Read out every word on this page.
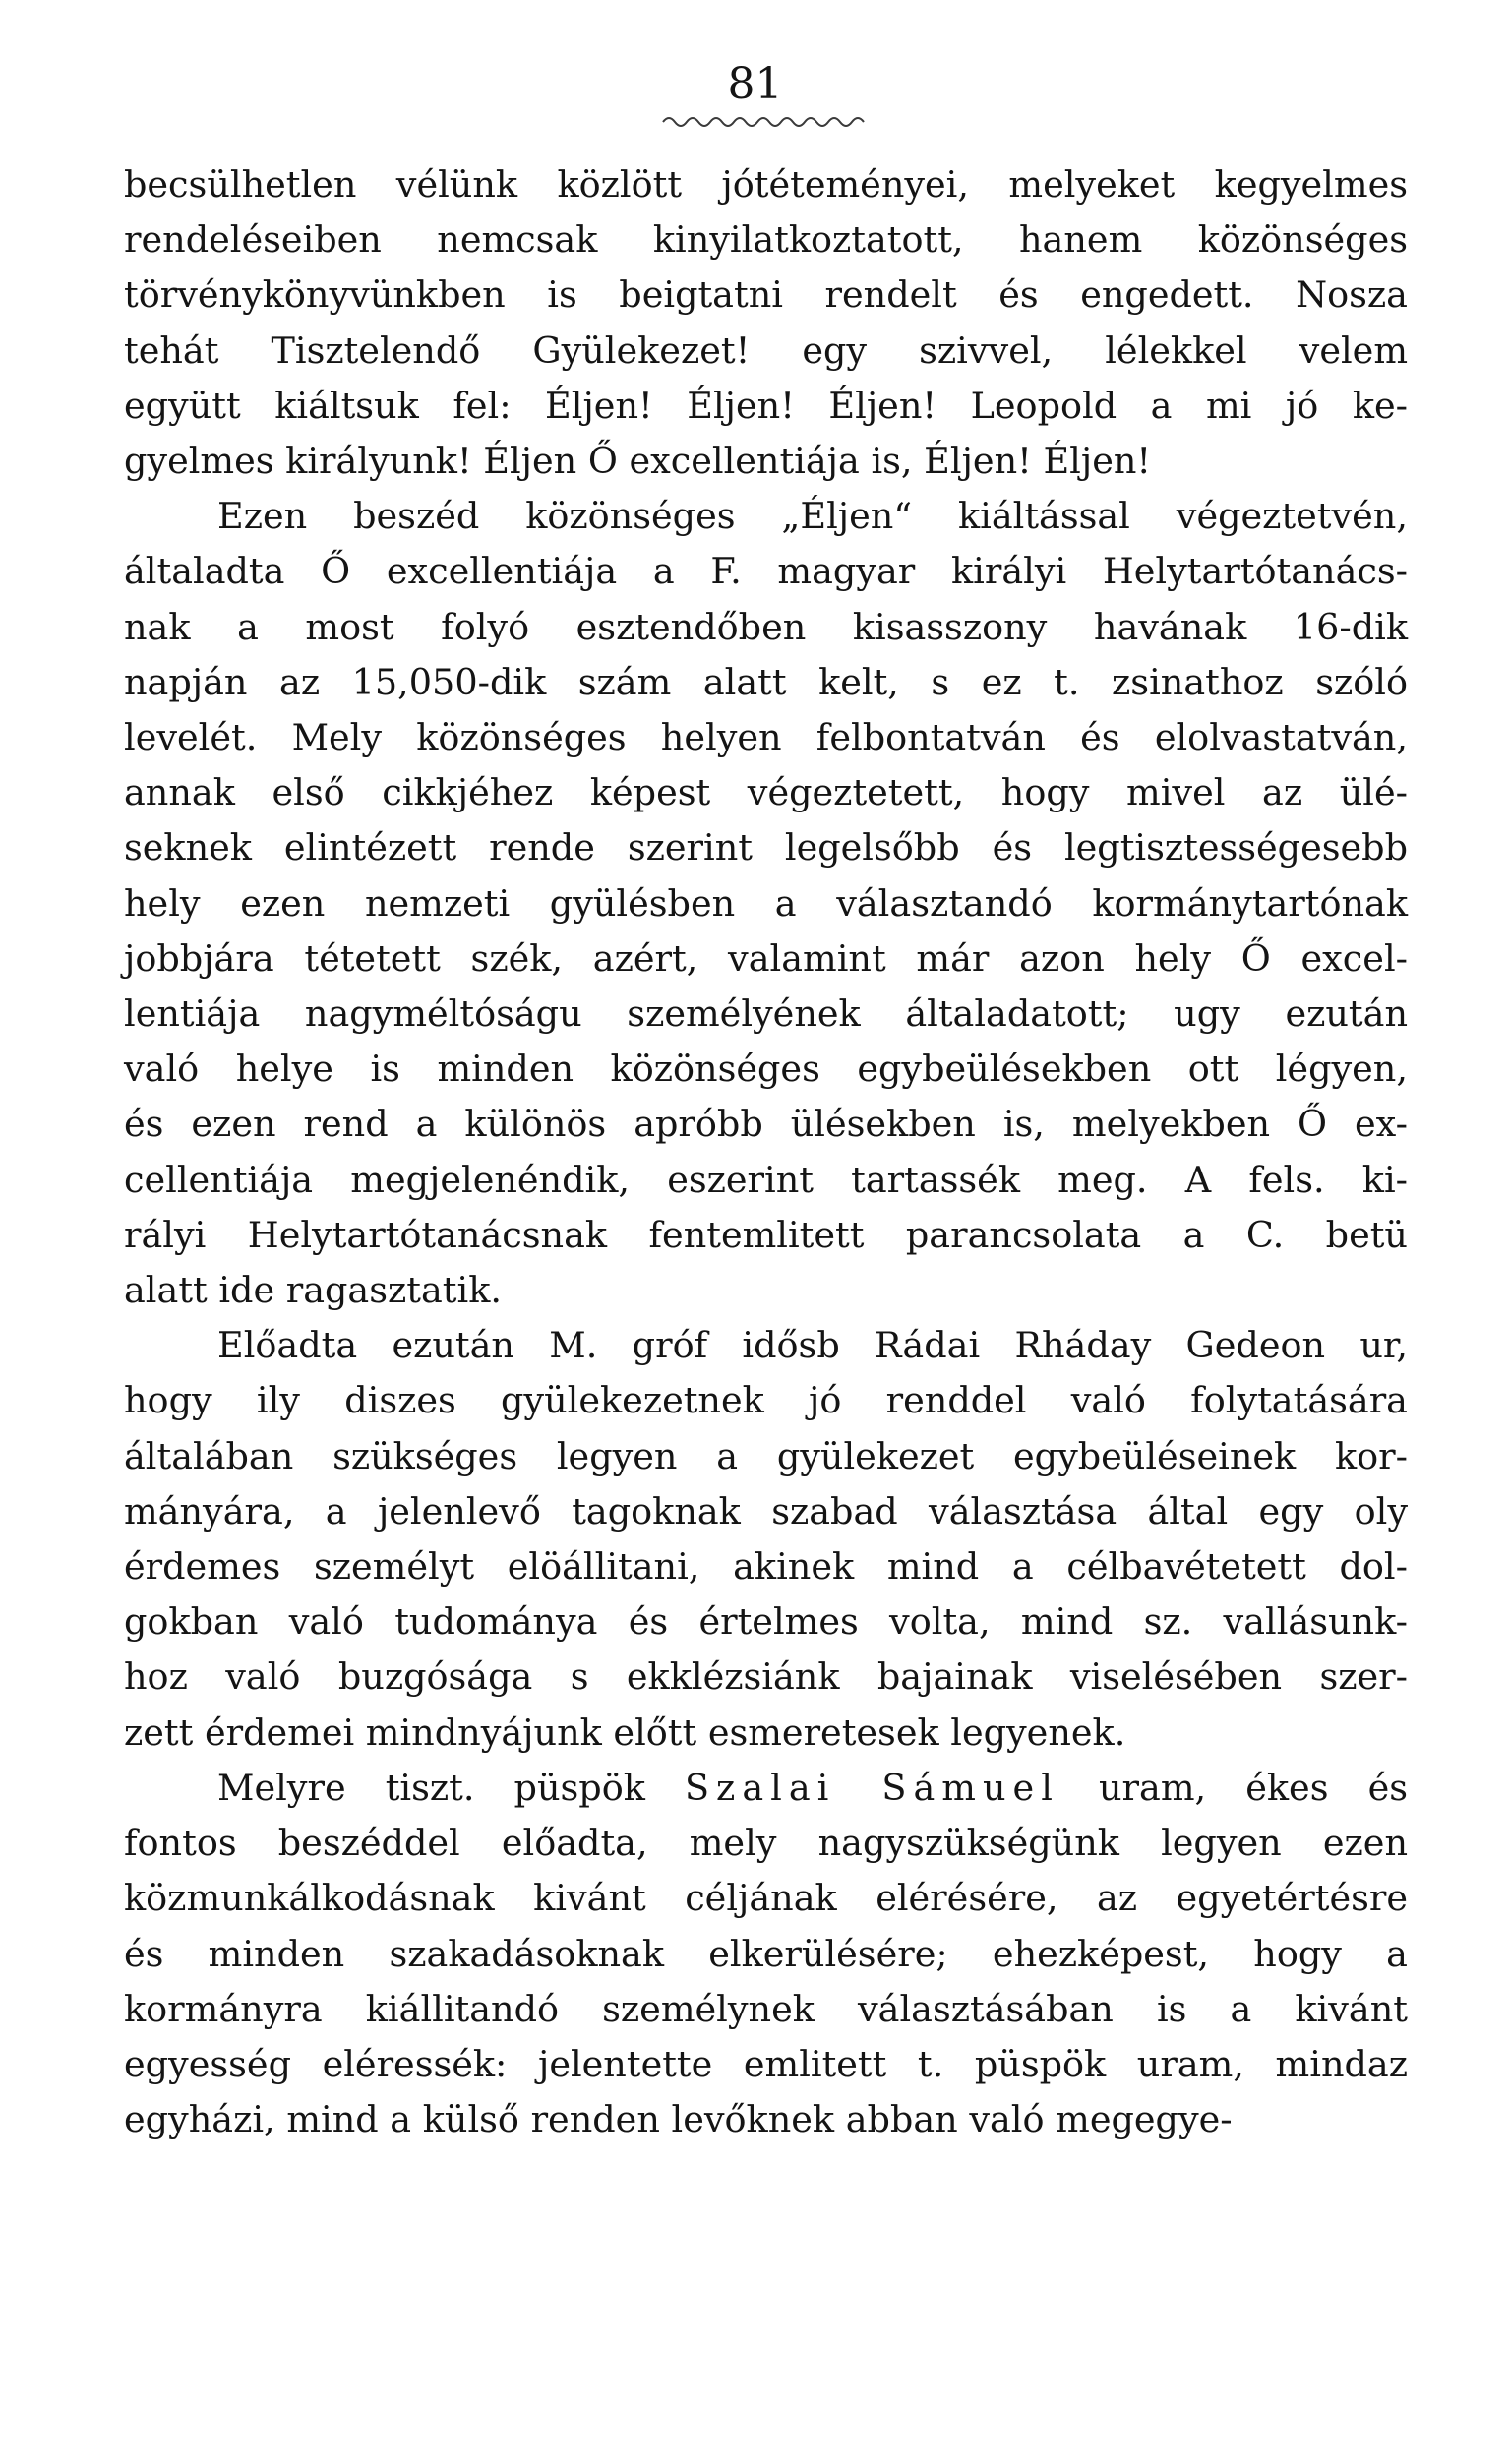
81
becsülhetlen vélünk közlött jótéteményei, melyeket kegyelmes
rendeléseiben nemcsak kinyilatkoztatott, hanem közönséges
törvénykönyvünkben is beigtatni rendelt és engedett. Nosza
tehát Tisztelendő Gyülekezet! egy szivvel, lélekkel velem
együtt kiáltsuk fel: Éljen! Éljen! Éljen! Leopold a mi jó ke-
gyelmes királyunk! Éljen Ő excellentiája is, Éljen! Éljen!
Ezen beszéd közönséges „Éljen“ kiáltással végeztetvén,
általadta Ő excellentiája a F. magyar királyi Helytartótanács-
nak a most folyó esztendőben kisasszony havának 16-dik
napján az 15,050-dik szám alatt kelt, s ez t. zsinathoz szóló
levelét. Mely közönséges helyen felbontatván és elolvastatván,
annak első cikkjéhez képest végeztetett, hogy mivel az ülé-
seknek elintézett rende szerint legelsőbb és legtisztességesebb
hely ezen nemzeti gyülésben a választandó kormánytartónak
jobbjára tétetett szék, azért, valamint már azon hely Ő excel-
lentiája nagyméltóságu személyének általadatott; ugy ezután
való helye is minden közönséges egybeülésekben ott légyen,
és ezen rend a különös apróbb ülésekben is, melyekben Ő ex-
cellentiája megjelenéndik, eszerint tartassék meg. A fels. ki-
rályi Helytartótanácsnak fentemlitett parancsolata a C. betü
alatt ide ragasztatik.
Előadta ezután M. gróf idősb Rádai Rháday Gedeon ur,
hogy ily diszes gyülekezetnek jó renddel való folytatására
általában szükséges legyen a gyülekezet egybeüléseinek kor-
mányára, a jelenlevő tagoknak szabad választása által egy oly
érdemes személyt elöállitani, akinek mind a célbavétetett dol-
gokban való tudománya és értelmes volta, mind sz. vallásunk-
hoz való buzgósága s ekklézsiánk bajainak viselésében szer-
zett érdemei mindnyájunk előtt esmeretesek legyenek.
Melyre tiszt. püspök Szalai Sámuel uram, ékes és
fontos beszéddel előadta, mely nagyszükségünk legyen ezen
közmunkálkodásnak kivánt céljának elérésére, az egyetértésre
és minden szakadásoknak elkerülésére; ehezképest, hogy a
kormányra kiállitandó személynek választásában is a kivánt
egyesség eléressék: jelentette emlitett t. püspök uram, mindaz
egyházi, mind a külső renden levőknek abban való megegye-
